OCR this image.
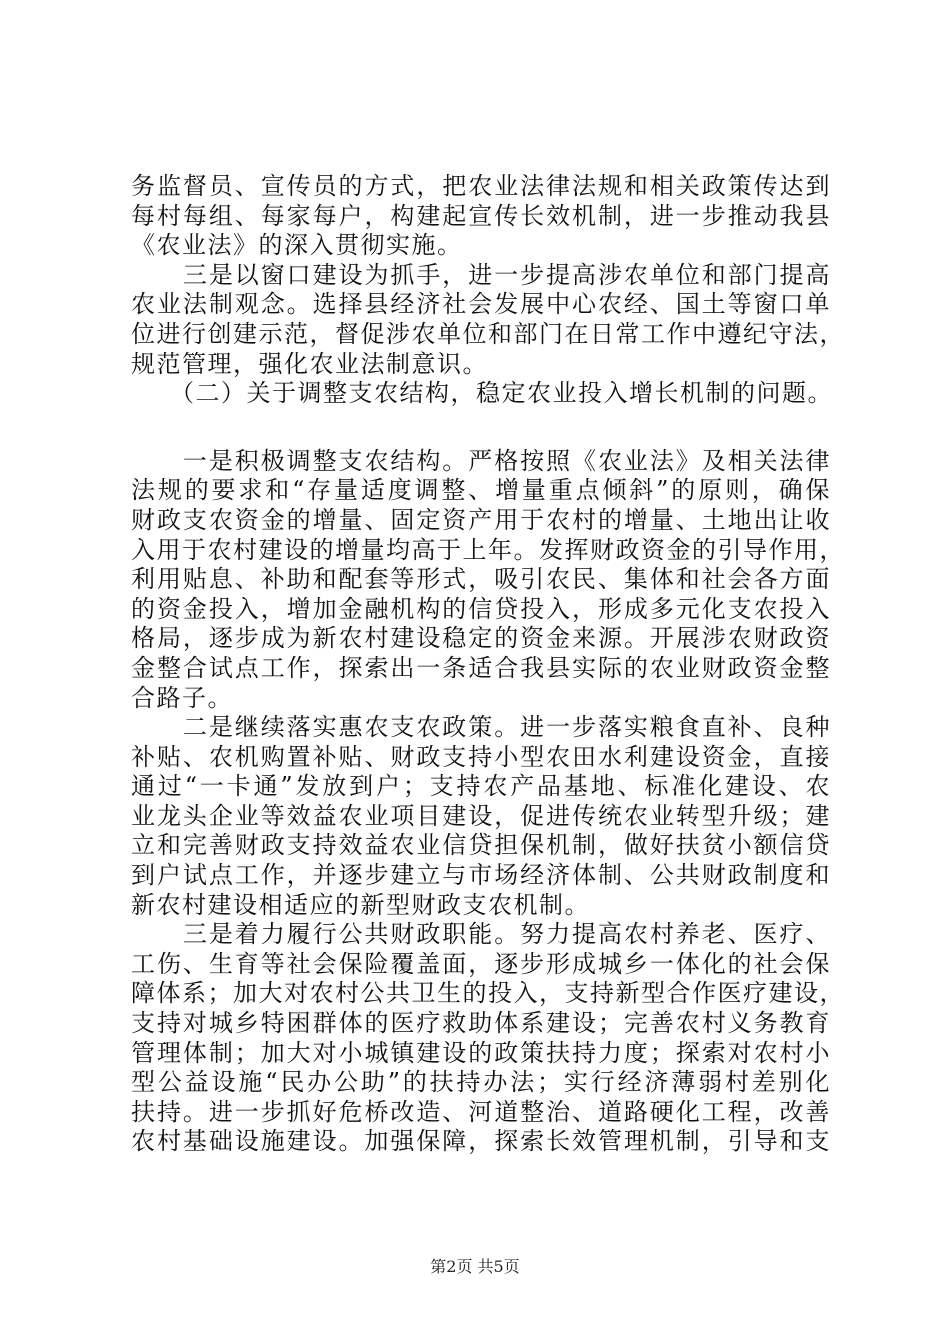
务监督员、宣传员的方式，把农业法律法规和相关政策传达到
每村每组、每家每户，构建起宣传长效机制，进一步推动我县
《农业法》的深入贯彻实施。
　　三是以窗口建设为抓手，进一步提高涉农单位和部门提高
农业法制观念。选择县经济社会发展中心农经、国土等窗口单
位进行创建示范，督促涉农单位和部门在日常工作中遵纪守法，
规范管理，强化农业法制意识。
　　（二）关于调整支农结构，稳定农业投入增长机制的问题。
　　一是积极调整支农结构。严格按照《农业法》及相关法律
法规的要求和“存量适度调整、增量重点倾斜”的原则，确保
财政支农资金的增量、固定资产用于农村的增量、土地出让收
入用于农村建设的增量均高于上年。发挥财政资金的引导作用，
利用贴息、补助和配套等形式，吸引农民、集体和社会各方面
的资金投入，增加金融机构的信贷投入，形成多元化支农投入
格局，逐步成为新农村建设稳定的资金来源。开展涉农财政资
金整合试点工作，探索出一条适合我县实际的农业财政资金整
合路子。
　　二是继续落实惠农支农政策。进一步落实粮食直补、良种
补贴、农机购置补贴、财政支持小型农田水利建设资金，直接
通过“一卡通”发放到户；支持农产品基地、标准化建设、农
业龙头企业等效益农业项目建设，促进传统农业转型升级；建
立和完善财政支持效益农业信贷担保机制，做好扶贫小额信贷
到户试点工作，并逐步建立与市场经济体制、公共财政制度和
新农村建设相适应的新型财政支农机制。
　　三是着力履行公共财政职能。努力提高农村养老、医疗、
工伤、生育等社会保险覆盖面，逐步形成城乡一体化的社会保
障体系；加大对农村公共卫生的投入，支持新型合作医疗建设，
支持对城乡特困群体的医疗救助体系建设；完善农村义务教育
管理体制；加大对小城镇建设的政策扶持力度；探索对农村小
型公益设施“民办公助”的扶持办法；实行经济薄弱村差别化
扶持。进一步抓好危桥改造、河道整治、道路硬化工程，改善
农村基础设施建设。加强保障，探索长效管理机制，引导和支
第2页 共5页
